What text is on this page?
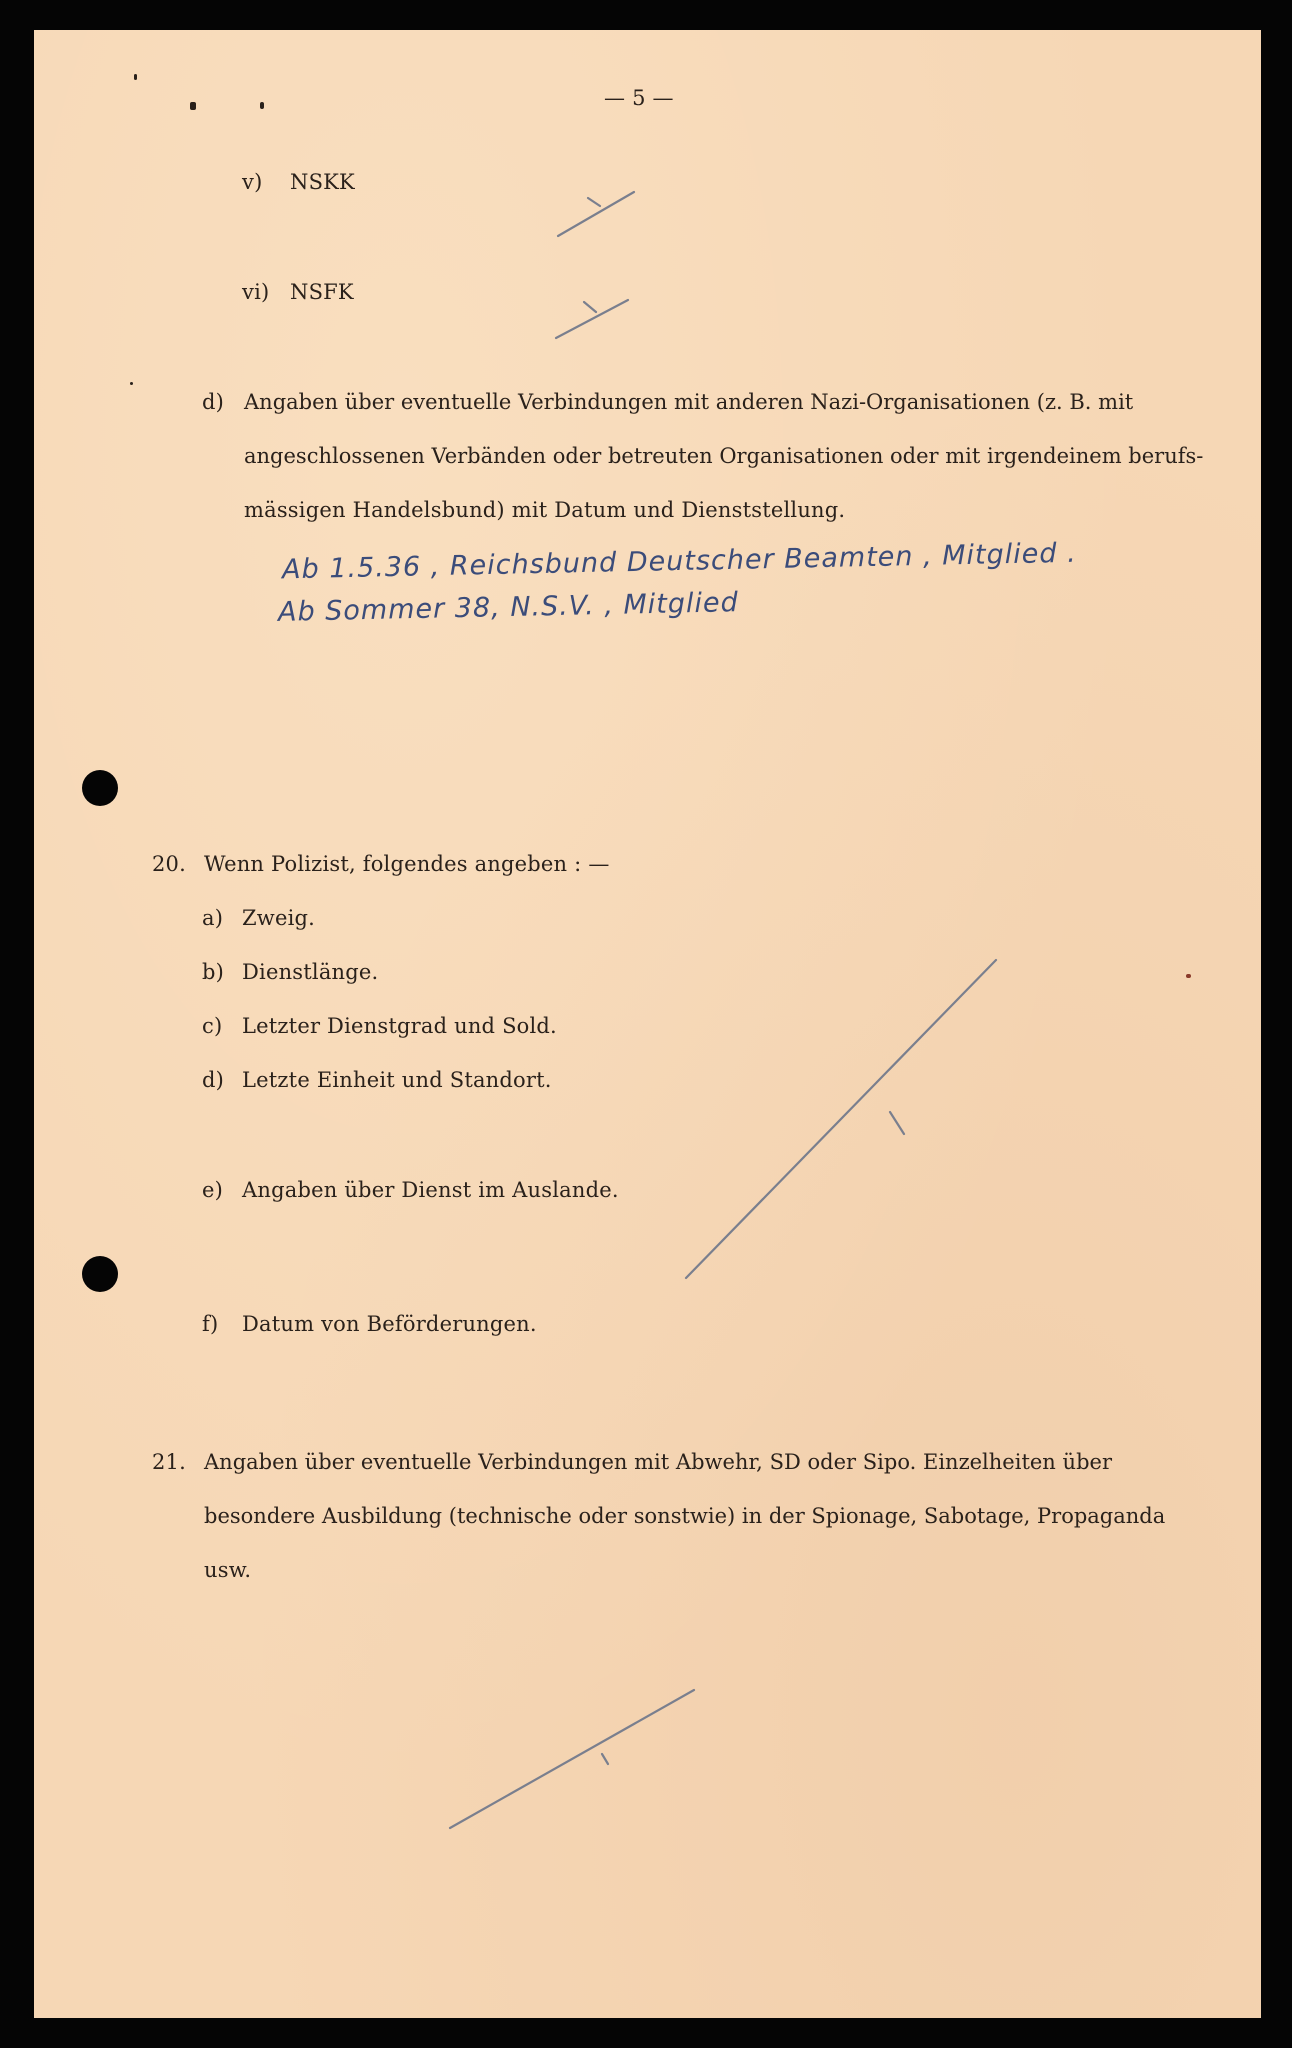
— 5 —
v) NSKK
vi) NSFK
d) Angaben über eventuelle Verbindungen mit anderen Nazi-Organisationen (z. B. mit
angeschlossenen Verbänden oder betreuten Organisationen oder mit irgendeinem berufs-
mässigen Handelsbund) mit Datum und Dienststellung.
Ab 1.5.36 , Reichsbund Deutscher Beamten , Mitglied .
Ab Sommer 38, N.S.V. , Mitglied
20. Wenn Polizist, folgendes angeben : —
a) Zweig.
b) Dienstlänge.
c) Letzter Dienstgrad und Sold.
d) Letzte Einheit und Standort.
e) Angaben über Dienst im Auslande.
f) Datum von Beförderungen.
21. Angaben über eventuelle Verbindungen mit Abwehr, SD oder Sipo. Einzelheiten über
besondere Ausbildung (technische oder sonstwie) in der Spionage, Sabotage, Propaganda
usw.
